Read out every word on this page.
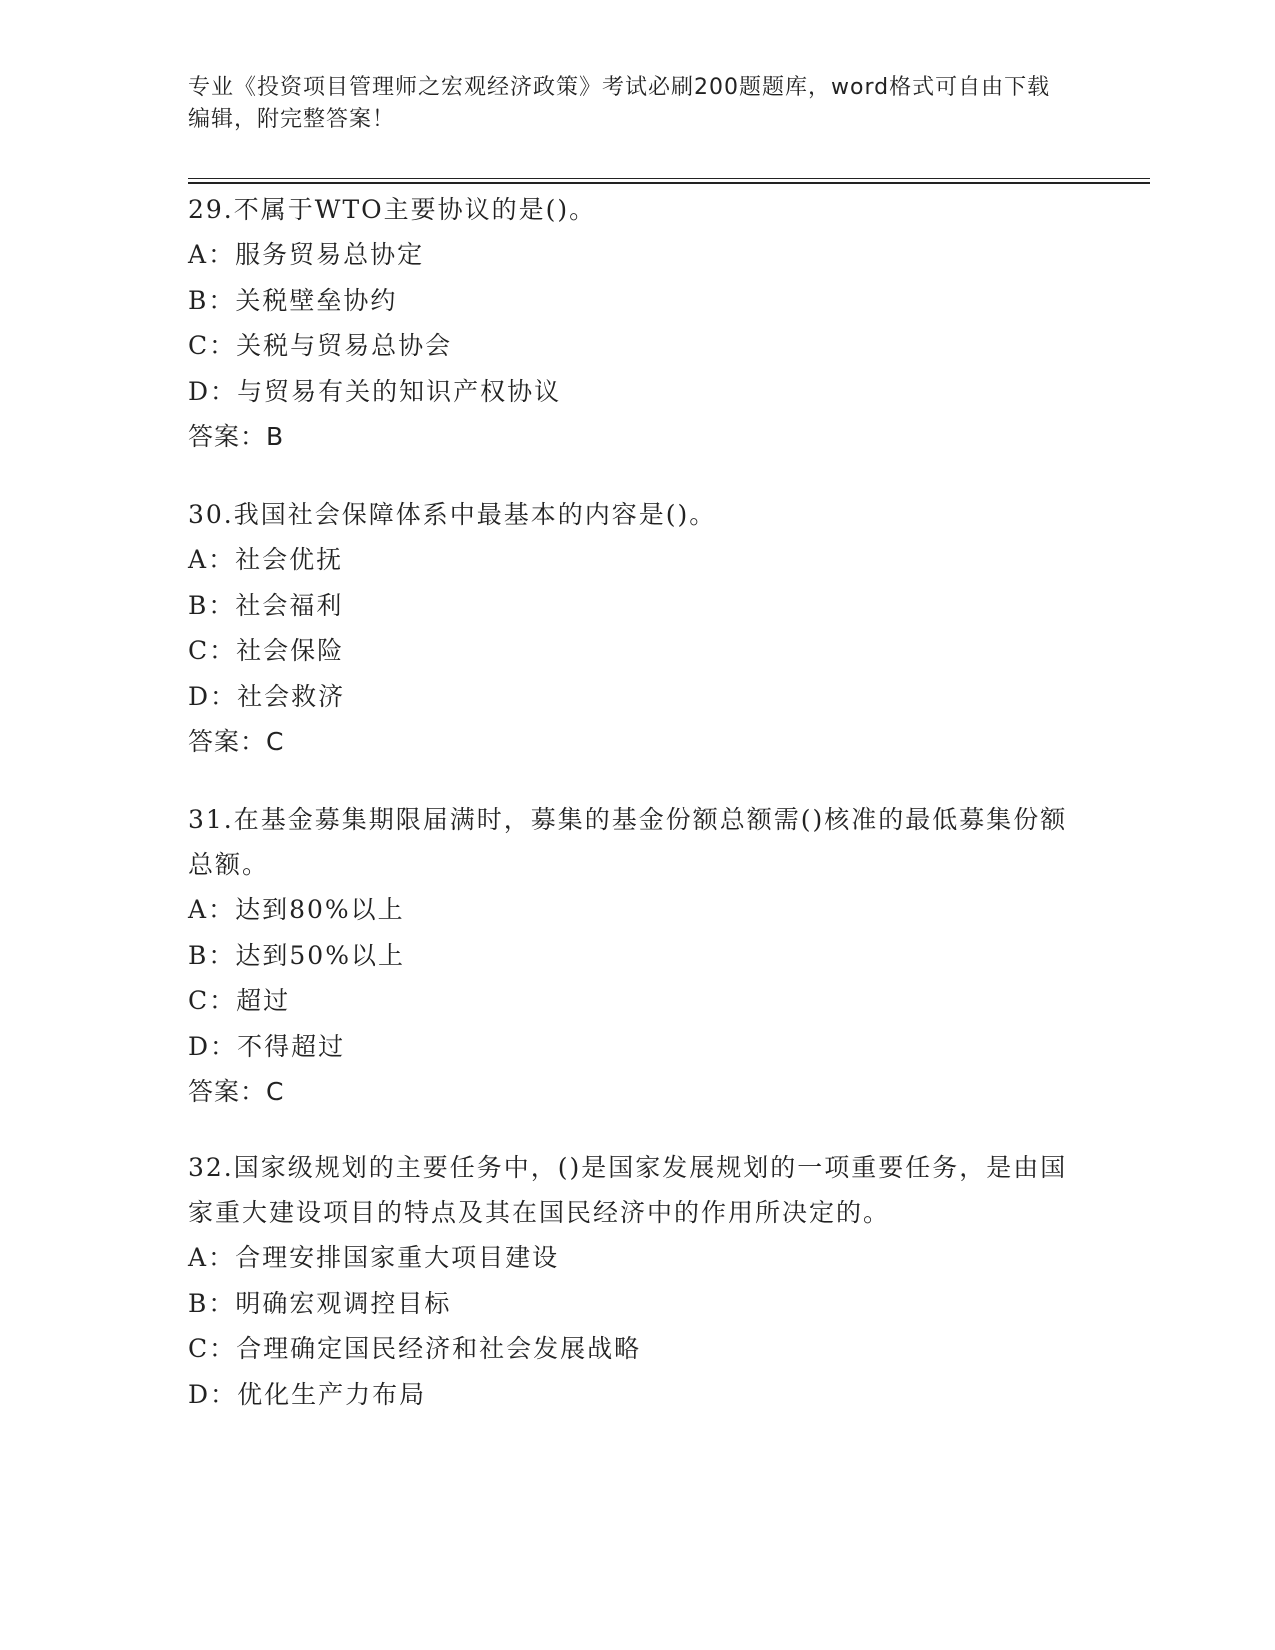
专业《投资项目管理师之宏观经济政策》考试必刷200题题库，word格式可自由下载编辑，附完整答案！

29.不属于WTO主要协议的是()。

A：服务贸易总协定

B：关税壁垒协约

C：关税与贸易总协会

D：与贸易有关的知识产权协议

答案：B

30.我国社会保障体系中最基本的内容是()。

A：社会优抚

B：社会福利

C：社会保险

D：社会救济

答案：C

31.在基金募集期限届满时，募集的基金份额总额需()核准的最低募集份额总额。

A：达到80%以上

B：达到50%以上

C：超过

D：不得超过

答案：C

32.国家级规划的主要任务中，()是国家发展规划的一项重要任务，是由国家重大建设项目的特点及其在国民经济中的作用所决定的。

A：合理安排国家重大项目建设

B：明确宏观调控目标

C：合理确定国民经济和社会发展战略

D：优化生产力布局
